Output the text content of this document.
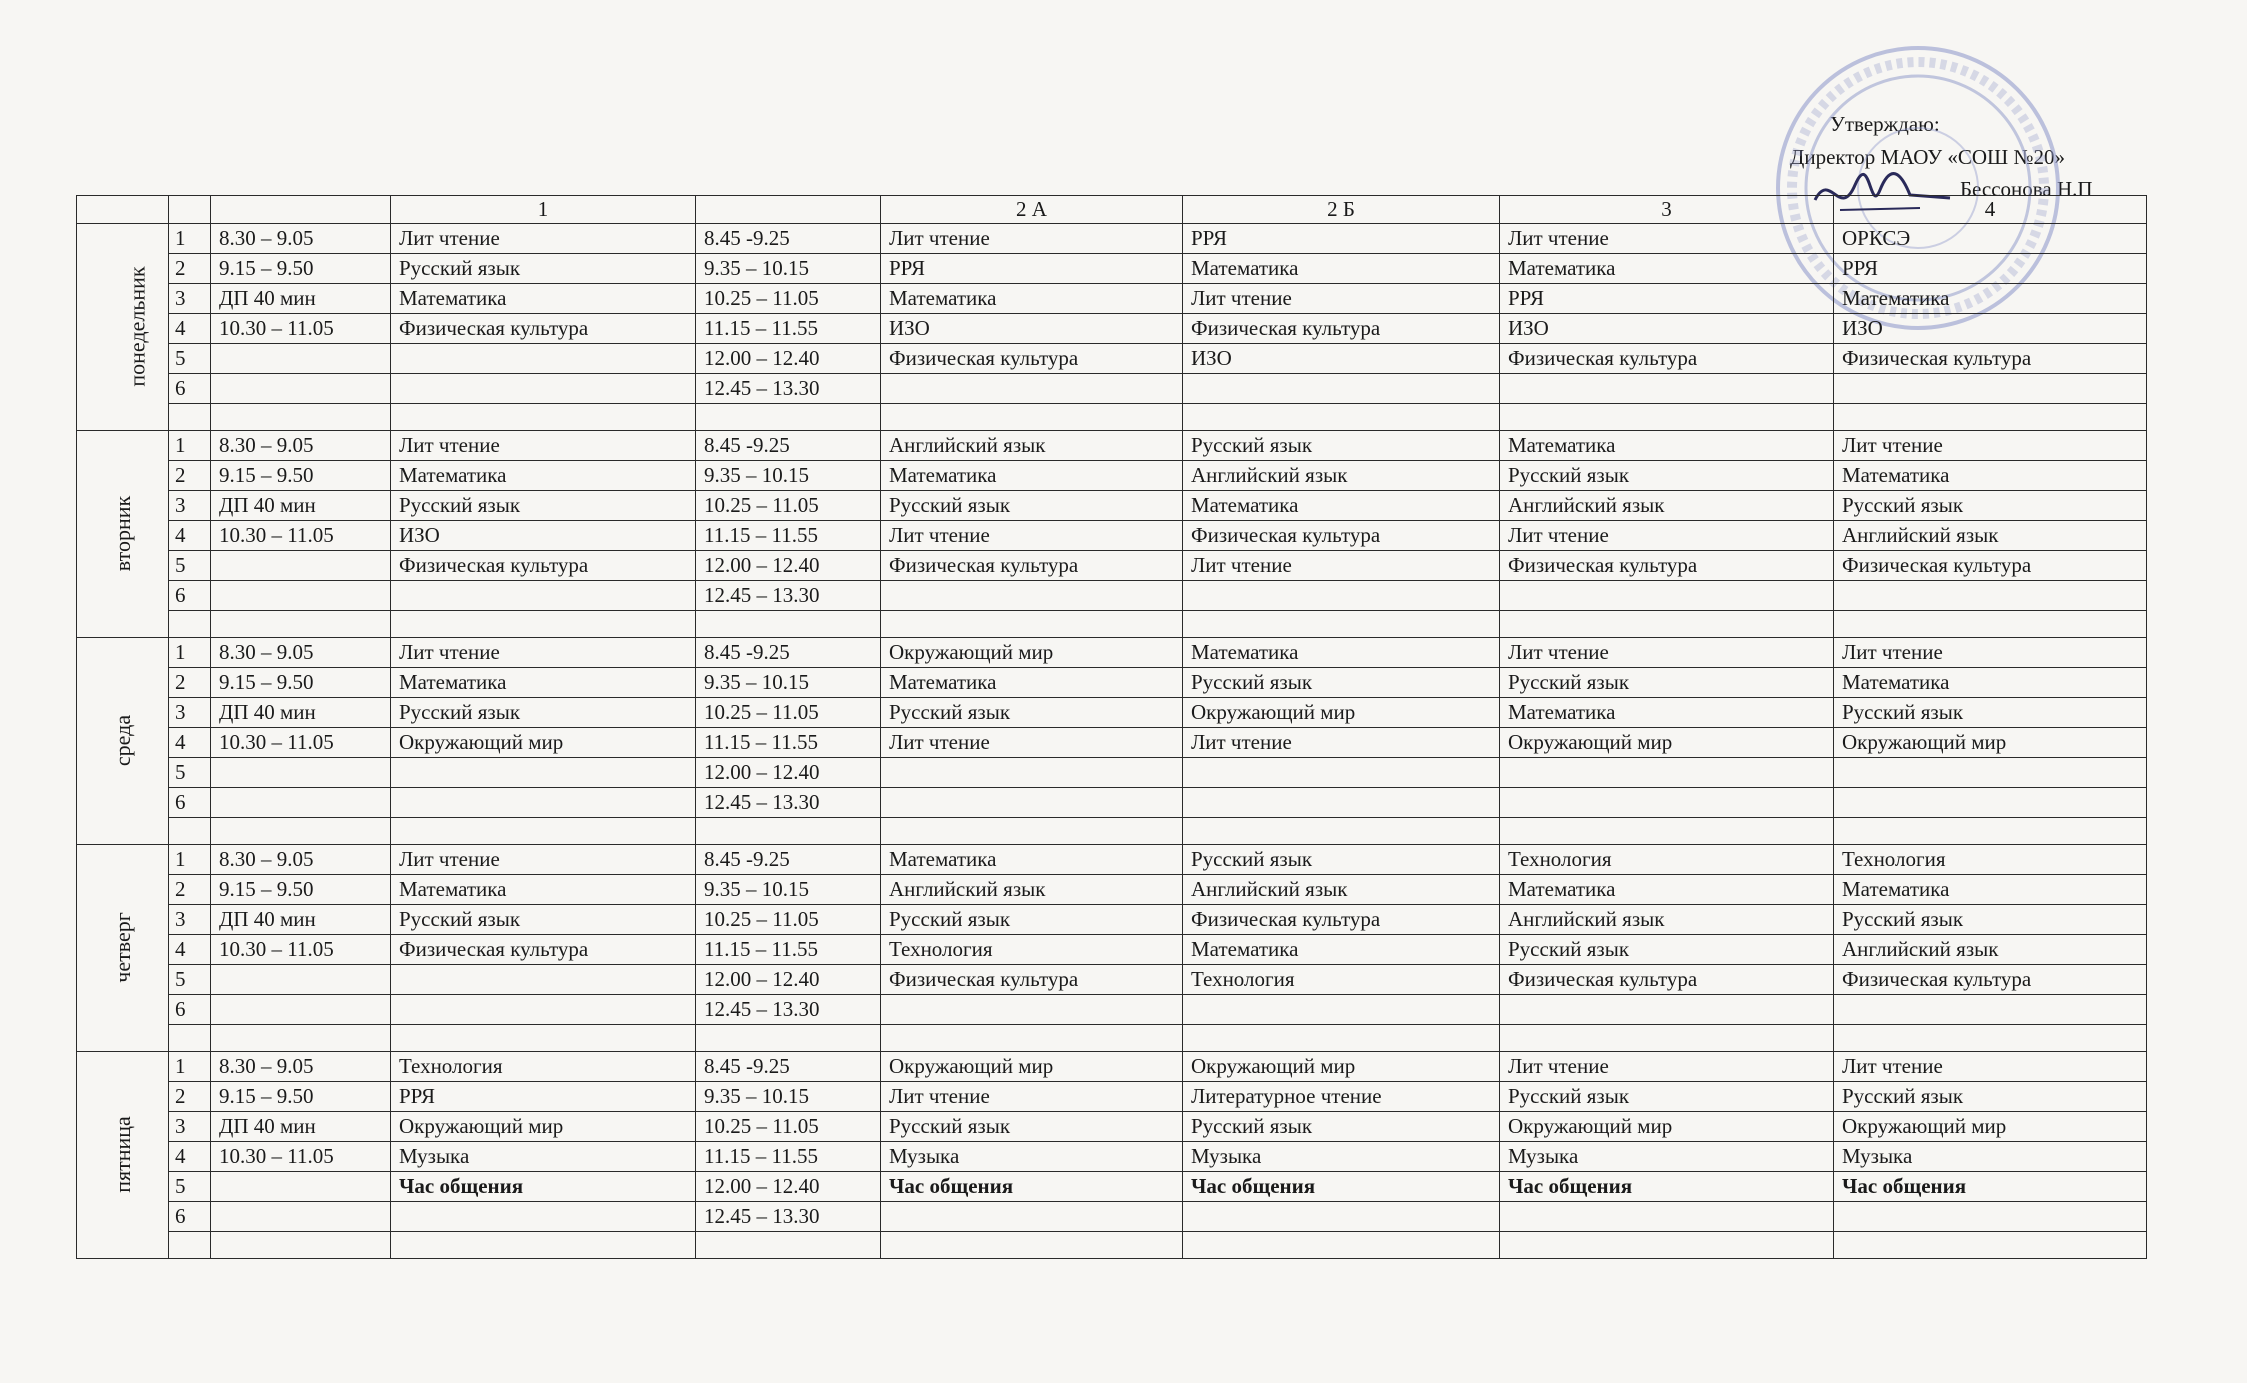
Утверждаю:
Директор МАОУ «СОШ №20»
Бессонова Н.П
			1		2 А	2 Б	3	4
понедельник	1	8.30 – 9.05	Лит чтение	8.45 -9.25	Лит чтение	РРЯ	Лит чтение	ОРКСЭ
	2	9.15 – 9.50	Русский язык	9.35 – 10.15	РРЯ	Математика	Математика	РРЯ
	3	ДП 40 мин	Математика	10.25 – 11.05	Математика	Лит чтение	РРЯ	Математика
	4	10.30 – 11.05	Физическая культура	11.15 – 11.55	ИЗО	Физическая культура	ИЗО	ИЗО
	5			12.00 – 12.40	Физическая культура	ИЗО	Физическая культура	Физическая культура
	6			12.45 – 13.30				

вторник	1	8.30 – 9.05	Лит чтение	8.45 -9.25	Английский язык	Русский язык	Математика	Лит чтение
	2	9.15 – 9.50	Математика	9.35 – 10.15	Математика	Английский язык	Русский язык	Математика
	3	ДП 40 мин	Русский язык	10.25 – 11.05	Русский язык	Математика	Английский язык	Русский язык
	4	10.30 – 11.05	ИЗО	11.15 – 11.55	Лит чтение	Физическая культура	Лит чтение	Английский язык
	5		Физическая культура	12.00 – 12.40	Физическая культура	Лит чтение	Физическая культура	Физическая культура
	6			12.45 – 13.30				

среда	1	8.30 – 9.05	Лит чтение	8.45 -9.25	Окружающий мир	Математика	Лит чтение	Лит чтение
	2	9.15 – 9.50	Математика	9.35 – 10.15	Математика	Русский язык	Русский язык	Математика
	3	ДП 40 мин	Русский язык	10.25 – 11.05	Русский язык	Окружающий мир	Математика	Русский язык
	4	10.30 – 11.05	Окружающий мир	11.15 – 11.55	Лит чтение	Лит чтение	Окружающий мир	Окружающий мир
	5			12.00 – 12.40				
	6			12.45 – 13.30				

четверг	1	8.30 – 9.05	Лит чтение	8.45 -9.25	Математика	Русский язык	Технология	Технология
	2	9.15 – 9.50	Математика	9.35 – 10.15	Английский язык	Английский язык	Математика	Математика
	3	ДП 40 мин	Русский язык	10.25 – 11.05	Русский язык	Физическая культура	Английский язык	Русский язык
	4	10.30 – 11.05	Физическая культура	11.15 – 11.55	Технология	Математика	Русский язык	Английский язык
	5			12.00 – 12.40	Физическая культура	Технология	Физическая культура	Физическая культура
	6			12.45 – 13.30				

пятница	1	8.30 – 9.05	Технология	8.45 -9.25	Окружающий мир	Окружающий мир	Лит чтение	Лит чтение
	2	9.15 – 9.50	РРЯ	9.35 – 10.15	Лит чтение	Литературное чтение	Русский язык	Русский язык
	3	ДП 40 мин	Окружающий мир	10.25 – 11.05	Русский язык	Русский язык	Окружающий мир	Окружающий мир
	4	10.30 – 11.05	Музыка	11.15 – 11.55	Музыка	Музыка	Музыка	Музыка
	5		Час общения	12.00 – 12.40	Час общения	Час общения	Час общения	Час общения
	6			12.45 – 13.30				
